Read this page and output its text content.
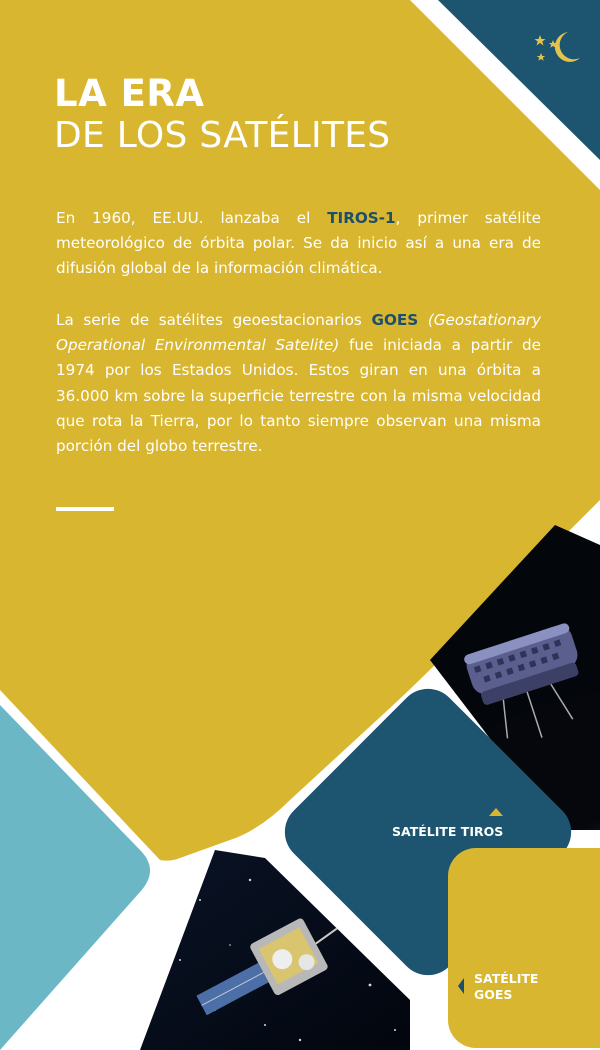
LA ERA
DE LOS SATÉLITES
En 1960, EE.UU. lanzaba el TIROS-1, primer satélite meteorológico de órbita polar. Se da inicio así a una era de difusión global de la información climática.
La serie de satélites geoestacionarios GOES (Geostationary Operational Environmental Satelite) fue iniciada a partir de 1974 por los Estados Unidos. Estos giran en una órbita a 36.000 km sobre la superficie terrestre con la misma velocidad que rota la Tierra, por lo tanto siempre observan una misma porción del globo terrestre.
SATÉLITE TIROS
SATÉLITE
GOES
